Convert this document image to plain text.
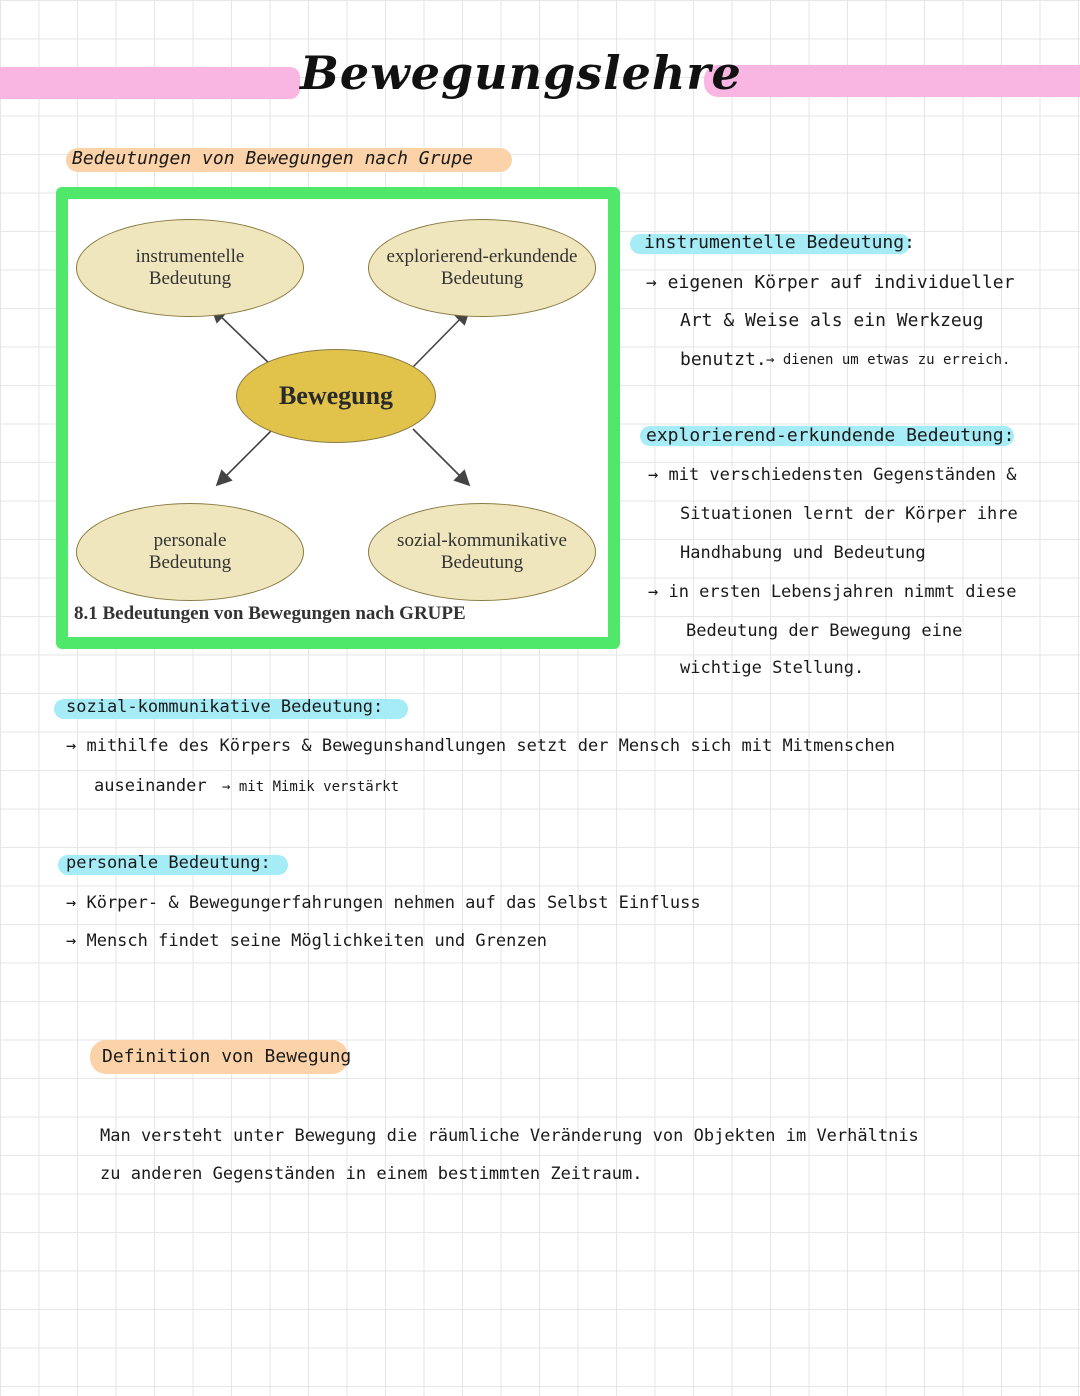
Bewegungslehre
Bedeutungen von Bewegungen nach Grupe
instrumentelle
Bedeutung
explorierend-erkundende
Bedeutung
Bewegung
personale
Bedeutung
sozial-kommunikative
Bedeutung
8.1 Bedeutungen von Bewegungen nach GRUPE
instrumentelle Bedeutung:
→ eigenen Körper auf individueller
Art & Weise als ein Werkzeug
benutzt. → dienen um etwas zu erreich.
explorierend-erkundende Bedeutung:
→ mit verschiedensten Gegenständen &
Situationen lernt der Körper ihre
Handhabung und Bedeutung
→ in ersten Lebensjahren nimmt diese
Bedeutung der Bewegung eine
wichtige Stellung.
sozial-kommunikative Bedeutung:
→ mithilfe des Körpers & Bewegunshandlungen setzt der Mensch sich mit Mitmenschen
auseinander → mit Mimik verstärkt
personale Bedeutung:
→ Körper- & Bewegungerfahrungen nehmen auf das Selbst Einfluss
→ Mensch findet seine Möglichkeiten und Grenzen
Definition von Bewegung
Man versteht unter Bewegung die räumliche Veränderung von Objekten im Verhältnis
zu anderen Gegenständen in einem bestimmten Zeitraum.
